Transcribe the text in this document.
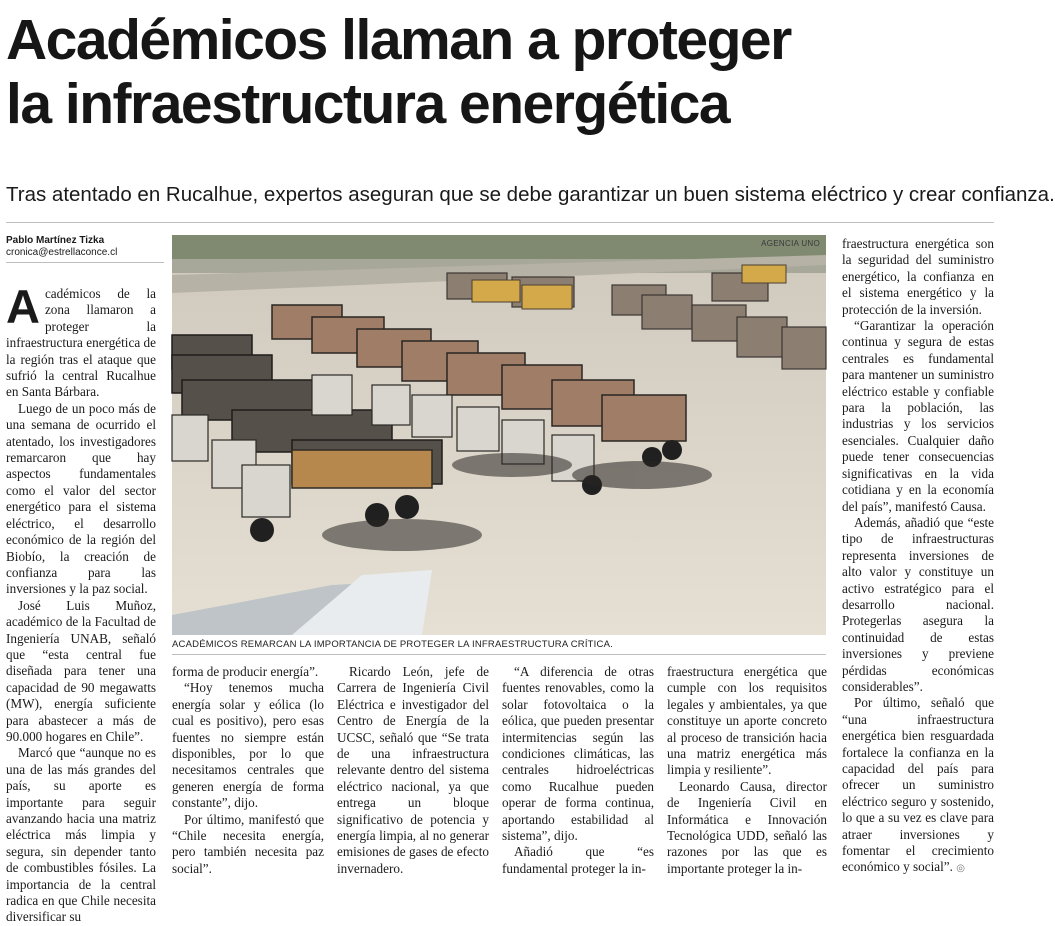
Académicos llaman a proteger
la infraestructura energética

Tras atentado en Rucalhue, expertos aseguran que se debe garantizar un buen sistema eléctrico y crear confianza.

Pablo Martínez Tizka
cronica@estrellaconce.cl
A cadémicos de la zona llamaron a proteger la infraestructura energética de la región tras el ataque que sufrió la central Rucalhue en Santa Bárbara.

Luego de un poco más de una semana de ocurrido el atentado, los investigadores remarcaron que hay aspectos fundamentales como el valor del sector energético para el sistema eléctrico, el desarrollo económico de la región del Biobío, la creación de confianza para las inversiones y la paz social.

José Luis Muñoz, académico de la Facultad de Ingeniería UNAB, señaló que “esta central fue diseñada para tener una capacidad de 90 megawatts (MW), energía suficiente para abastecer a más de 90.000 hogares en Chile”.

Marcó que “aunque no es una de las más grandes del país, su aporte es importante para seguir avanzando hacia una matriz eléctrica más limpia y segura, sin depender tanto de combustibles fósiles. La importancia de la central radica en que Chile necesita diversificar su

AGENCIA UNO
ACADÉMICOS REMARCAN LA IMPORTANCIA DE PROTEGER LA INFRAESTRUCTURA CRÍTICA.

forma de producir energía”.

“Hoy tenemos mucha energía solar y eólica (lo cual es positivo), pero esas fuentes no siempre están disponibles, por lo que necesitamos centrales que generen energía de forma constante”, dijo.

Por último, manifestó que “Chile necesita energía, pero también necesita paz social”.

Ricardo León, jefe de Carrera de Ingeniería Civil Eléctrica e investigador del Centro de Energía de la UCSC, señaló que “Se trata de una infraestructura relevante dentro del sistema eléctrico nacional, ya que entrega un bloque significativo de potencia y energía limpia, al no generar emisiones de gases de efecto invernadero.

“A diferencia de otras fuentes renovables, como la solar fotovoltaica o la eólica, que pueden presentar intermitencias según las condiciones climáticas, las centrales hidroeléctricas como Rucalhue pueden operar de forma continua, aportando estabilidad al sistema”, dijo.

Añadió que “es fundamental proteger la in-

fraestructura energética que cumple con los requisitos legales y ambientales, ya que constituye un aporte concreto al proceso de transición hacia una matriz energética más limpia y resiliente”.

Leonardo Causa, director de Ingeniería Civil en Informática e Innovación Tecnológica UDD, señaló las razones por las que es importante proteger la in-

fraestructura energética son la seguridad del suministro energético, la confianza en el sistema energético y la protección de la inversión.

“Garantizar la operación continua y segura de estas centrales es fundamental para mantener un suministro eléctrico estable y confiable para la población, las industrias y los servicios esenciales. Cualquier daño puede tener consecuencias significativas en la vida cotidiana y en la economía del país”, manifestó Causa.

Además, añadió que “este tipo de infraestructuras representa inversiones de alto valor y constituye un activo estratégico para el desarrollo nacional. Protegerlas asegura la continuidad de estas inversiones y previene pérdidas económicas considerables”.

Por último, señaló que “una infraestructura energética bien resguardada fortalece la confianza en la capacidad del país para ofrecer un suministro eléctrico seguro y sostenido, lo que a su vez es clave para atraer inversiones y fomentar el crecimiento económico y social”. ◎
